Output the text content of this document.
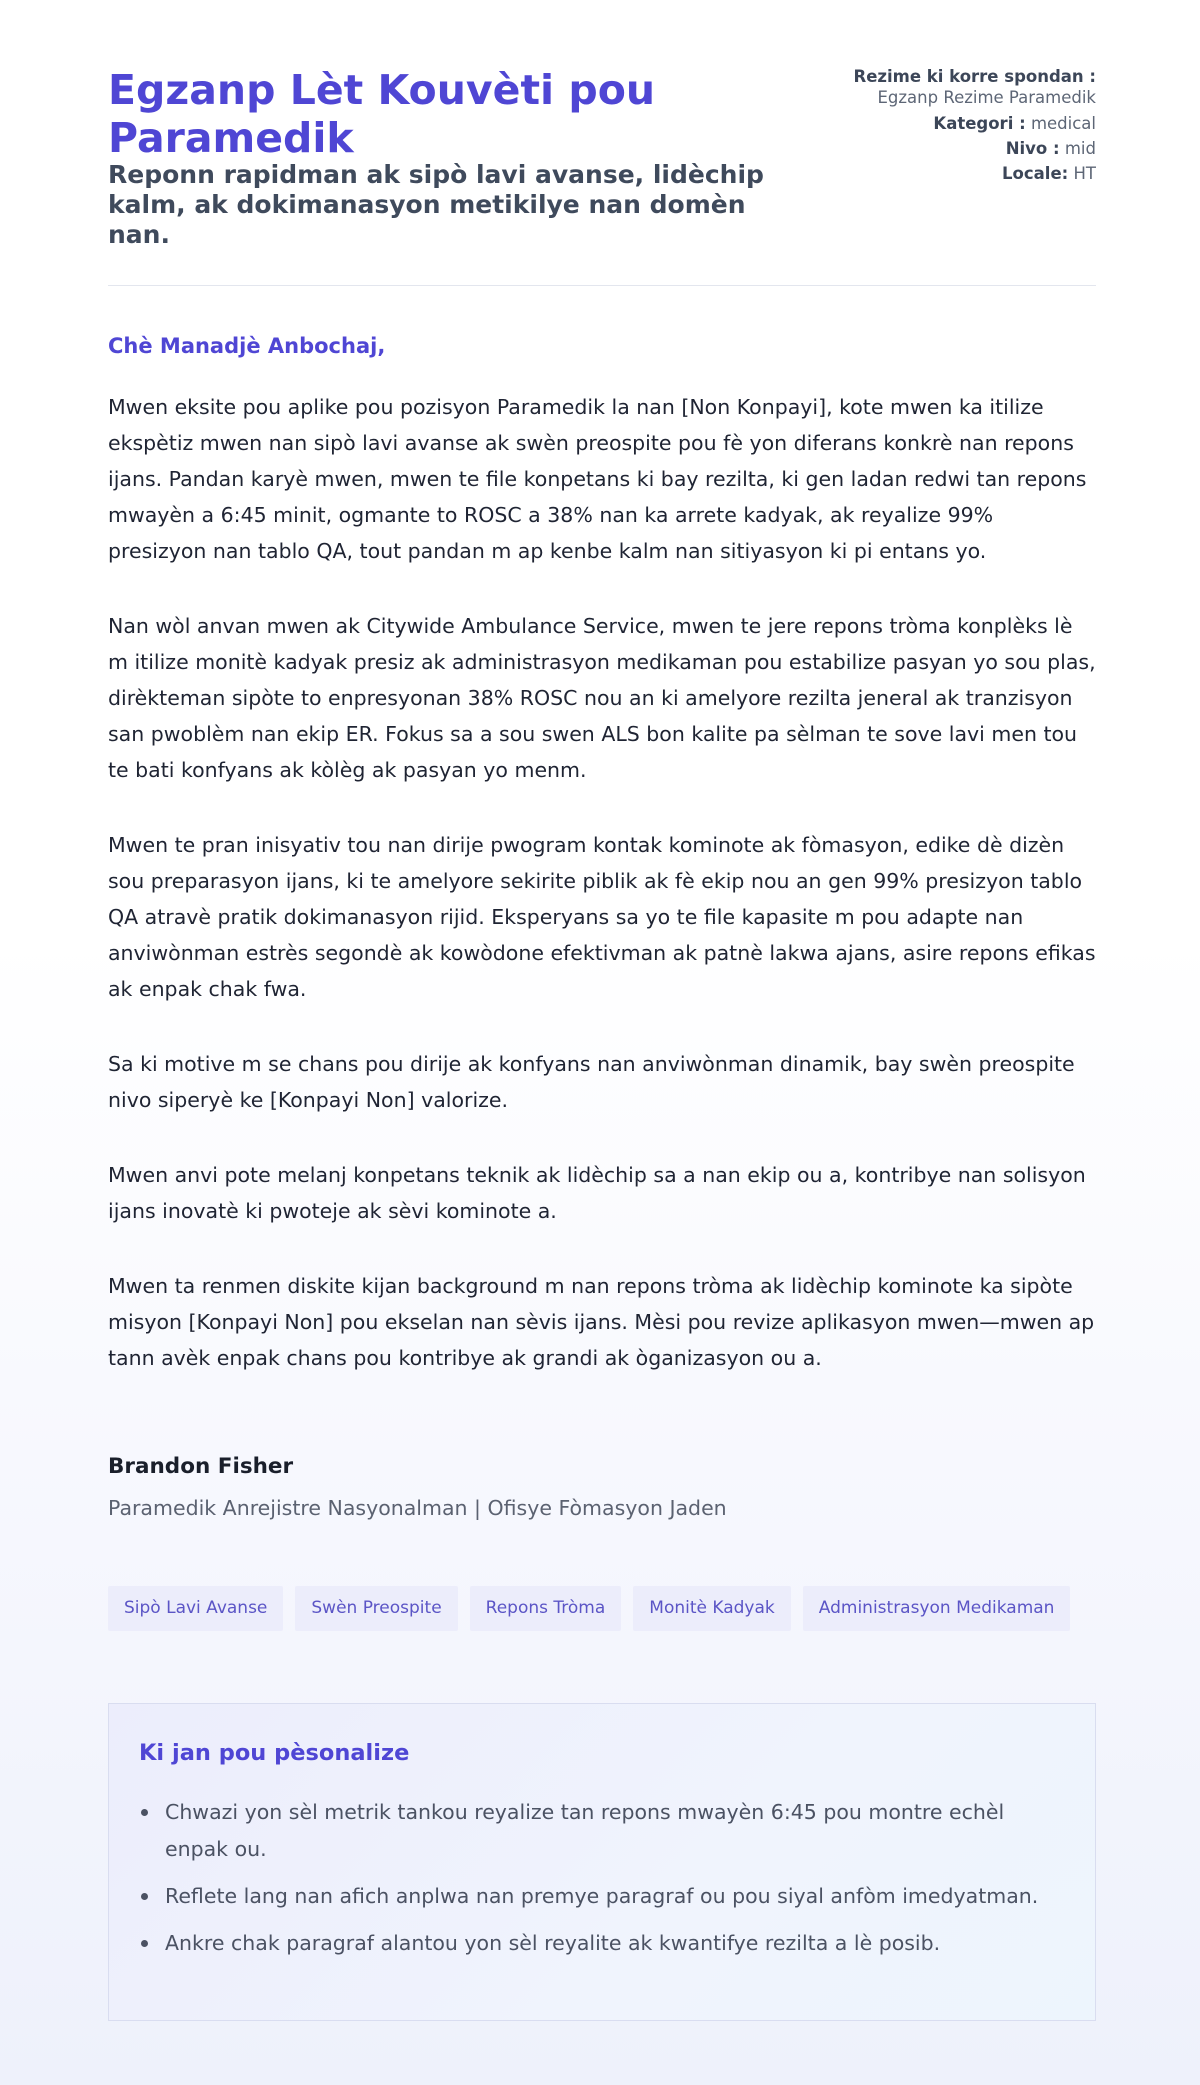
Egzanp Lèt Kouvèti pou Paramedik
Reponn rapidman ak sipò lavi avanse, lidèchip kalm, ak dokimanasyon metikilye nan domèn nan.
Rezime ki korre spondan : Egzanp Rezime Paramedik
Kategori : medical
Nivo : mid
Locale: HT

Chè Manadjè Anbochaj,

Mwen eksite pou aplike pou pozisyon Paramedik la nan [Non Konpayi], kote mwen ka itilize ekspètiz mwen nan sipò lavi avanse ak swèn preospite pou fè yon diferans konkrè nan repons ijans. Pandan karyè mwen, mwen te file konpetans ki bay rezilta, ki gen ladan redwi tan repons mwayèn a 6:45 minit, ogmante to ROSC a 38% nan ka arrete kadyak, ak reyalize 99% presizyon nan tablo QA, tout pandan m ap kenbe kalm nan sitiyasyon ki pi entans yo.

Nan wòl anvan mwen ak Citywide Ambulance Service, mwen te jere repons tròma konplèks lè m itilize monitè kadyak presiz ak administrasyon medikaman pou estabilize pasyan yo sou plas, dirèkteman sipòte to enpresyonan 38% ROSC nou an ki amelyore rezilta jeneral ak tranzisyon san pwoblèm nan ekip ER. Fokus sa a sou swen ALS bon kalite pa sèlman te sove lavi men tou te bati konfyans ak kòlèg ak pasyan yo menm.

Mwen te pran inisyativ tou nan dirije pwogram kontak kominote ak fòmasyon, edike dè dizèn sou preparasyon ijans, ki te amelyore sekirite piblik ak fè ekip nou an gen 99% presizyon tablo QA atravè pratik dokimanasyon rijid. Eksperyans sa yo te file kapasite m pou adapte nan anviwònman estrès segondè ak kowòdone efektivman ak patnè lakwa ajans, asire repons efikas ak enpak chak fwa.

Sa ki motive m se chans pou dirije ak konfyans nan anviwònman dinamik, bay swèn preospite nivo siperyè ke [Konpayi Non] valorize.

Mwen anvi pote melanj konpetans teknik ak lidèchip sa a nan ekip ou a, kontribye nan solisyon ijans inovatè ki pwoteje ak sèvi kominote a.

Mwen ta renmen diskite kijan background m nan repons tròma ak lidèchip kominote ka sipòte misyon [Konpayi Non] pou ekselan nan sèvis ijans. Mèsi pou revize aplikasyon mwen—mwen ap tann avèk enpak chans pou kontribye ak grandi ak òganizasyon ou a.

Brandon Fisher

Paramedik Anrejistre Nasyonalman | Ofisye Fòmasyon Jaden

Sipò Lavi Avanse	Swèn Preospite	Repons Tròma	Monitè Kadyak	Administrasyon Medikaman
Ki jan pou pèsonalize
Chwazi yon sèl metrik tankou reyalize tan repons mwayèn 6:45 pou montre echèl enpak ou.
Reflete lang nan afich anplwa nan premye paragraf ou pou siyal anfòm imedyatman.
Ankre chak paragraf alantou yon sèl reyalite ak kwantifye rezilta a lè posib.
